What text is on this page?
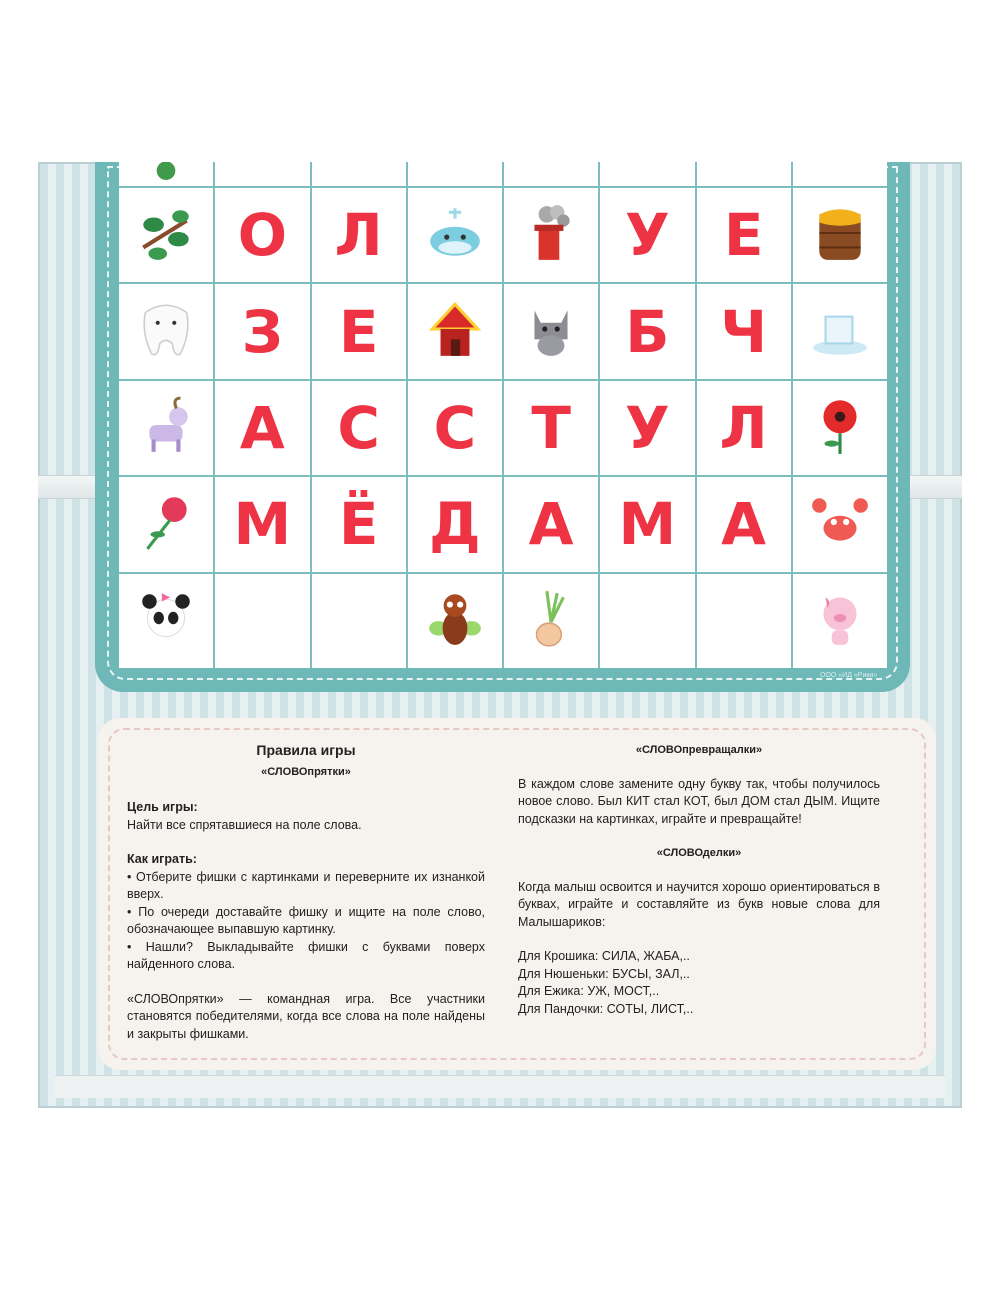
О Л	У Е
З Е	Б Ч
А С С Т У Л
М Ё Д А М А
ООО «ИД «Рики»
Правила игры
«СЛОВОпрятки»
Цель игры:

Найти все спрятавшиеся на поле слова.

Как играть:

• Отберите фишки с картинками и переверните их изнанкой вверх.

• По очереди доставайте фишку и ищите на поле слово, обозначающее выпавшую картинку.

• Нашли? Выкладывайте фишки с буквами поверх найденного слова.

«СЛОВОпрятки» — командная игра. Все участники становятся победителями, когда все слова на поле найдены и закрыты фишками.

«СЛОВОпревращалки»

В каждом слове замените одну букву так, чтобы получилось новое слово. Был КИТ стал КОТ, был ДОМ стал ДЫМ. Ищите подсказки на картинках, играйте и превращайте!

«СЛОВОделки»

Когда малыш освоится и научится хорошо ориентироваться в буквах, играйте и составляйте из букв новые слова для Малышариков:

Для Крошика: СИЛА, ЖАБА,..
Для Нюшеньки: БУСЫ, ЗАЛ,..
Для Ежика: УЖ, МОСТ,..
Для Пандочки: СОТЫ, ЛИСТ,..
